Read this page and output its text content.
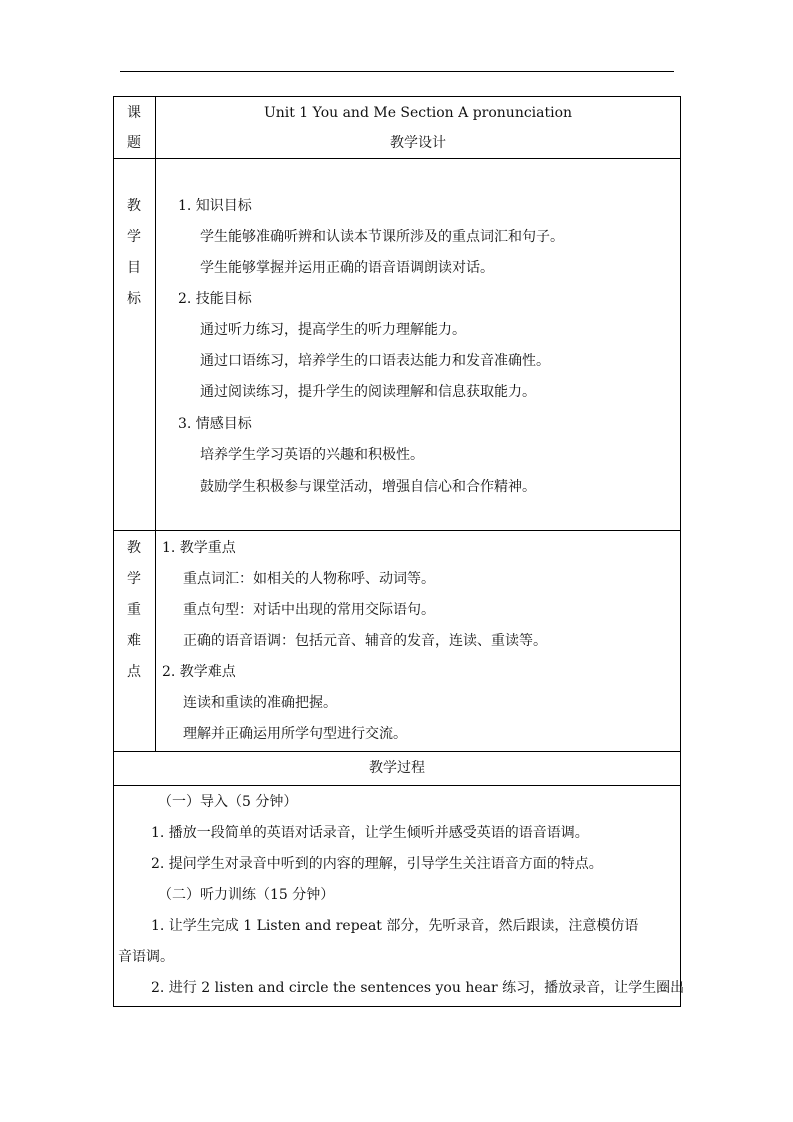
课
题
Unit 1 You and Me Section A pronunciation
教学设计
教
学
目
标
1. 知识目标
学生能够准确听辨和认读本节课所涉及的重点词汇和句子。
学生能够掌握并运用正确的语音语调朗读对话。
2. 技能目标
通过听力练习，提高学生的听力理解能力。
通过口语练习，培养学生的口语表达能力和发音准确性。
通过阅读练习，提升学生的阅读理解和信息获取能力。
3. 情感目标
培养学生学习英语的兴趣和积极性。
鼓励学生积极参与课堂活动，增强自信心和合作精神。
教
学
重
难
点
1. 教学重点
重点词汇：如相关的人物称呼、动词等。
重点句型：对话中出现的常用交际语句。
正确的语音语调：包括元音、辅音的发音，连读、重读等。
2. 教学难点
连读和重读的准确把握。
理解并正确运用所学句型进行交流。
教学过程
（一）导入（5 分钟）
1. 播放一段简单的英语对话录音，让学生倾听并感受英语的语音语调。
2. 提问学生对录音中听到的内容的理解，引导学生关注语音方面的特点。
（二）听力训练（15 分钟）
1. 让学生完成 1 Listen and repeat 部分，先听录音，然后跟读，注意模仿语
音语调。
2. 进行 2 listen and circle the sentences you hear 练习，播放录音，让学生圈出
